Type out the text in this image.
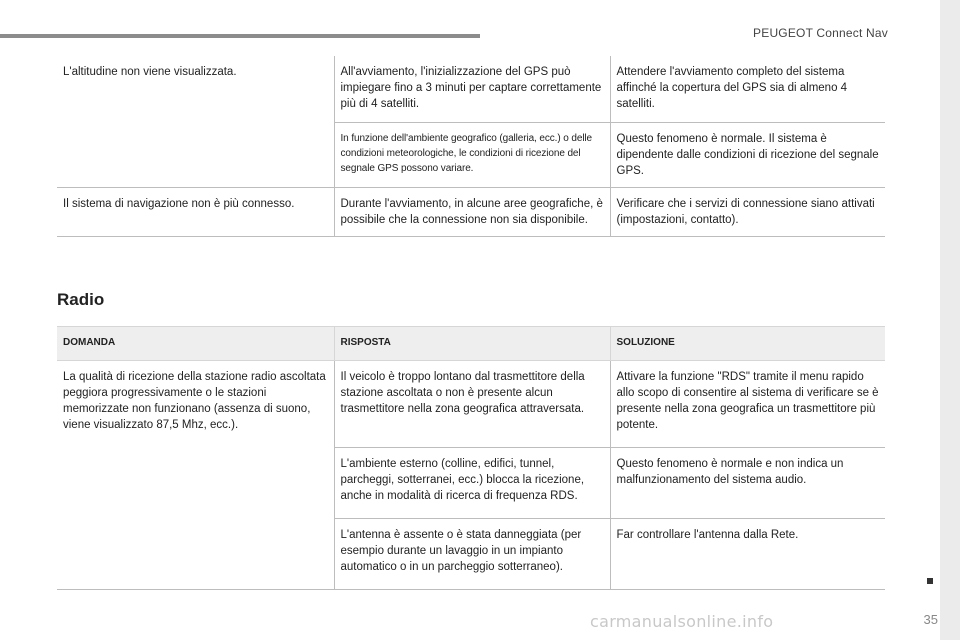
PEUGEOT Connect Nav
L'altitudine non viene visualizzata.	All'avviamento, l'inizializzazione del GPS può impiegare fino a 3 minuti per captare correttamente più di 4 satelliti.	Attendere l'avviamento completo del sistema affinché la copertura del GPS sia di almeno 4 satelliti.
	In funzione dell'ambiente geografico (galleria, ecc.) o delle condizioni meteorologiche, le condizioni di ricezione del segnale GPS possono variare.	Questo fenomeno è normale. Il sistema è dipendente dalle condizioni di ricezione del segnale GPS.
Il sistema di navigazione non è più connesso.	Durante l'avviamento, in alcune aree geografiche, è possibile che la connessione non sia disponibile.	Verificare che i servizi di connessione siano attivati (impostazioni, contatto).
Radio
DOMANDA	RISPOSTA	SOLUZIONE
La qualità di ricezione della stazione radio ascoltata peggiora progressivamente o le stazioni memorizzate non funzionano (assenza di suono, viene visualizzato 87,5 Mhz, ecc.).	Il veicolo è troppo lontano dal trasmettitore della stazione ascoltata o non è presente alcun trasmettitore nella zona geografica attraversata.	Attivare la funzione "RDS" tramite il menu rapido allo scopo di consentire al sistema di verificare se è presente nella zona geografica un trasmettitore più potente.
	L'ambiente esterno (colline, edifici, tunnel, parcheggi, sotterranei, ecc.) blocca la ricezione, anche in modalità di ricerca di frequenza RDS.	Questo fenomeno è normale e non indica un malfunzionamento del sistema audio.
	L'antenna è assente o è stata danneggiata (per esempio durante un lavaggio in un impianto automatico o in un parcheggio sotterraneo).	Far controllare l'antenna dalla Rete.
carmanualsonline.info	35
